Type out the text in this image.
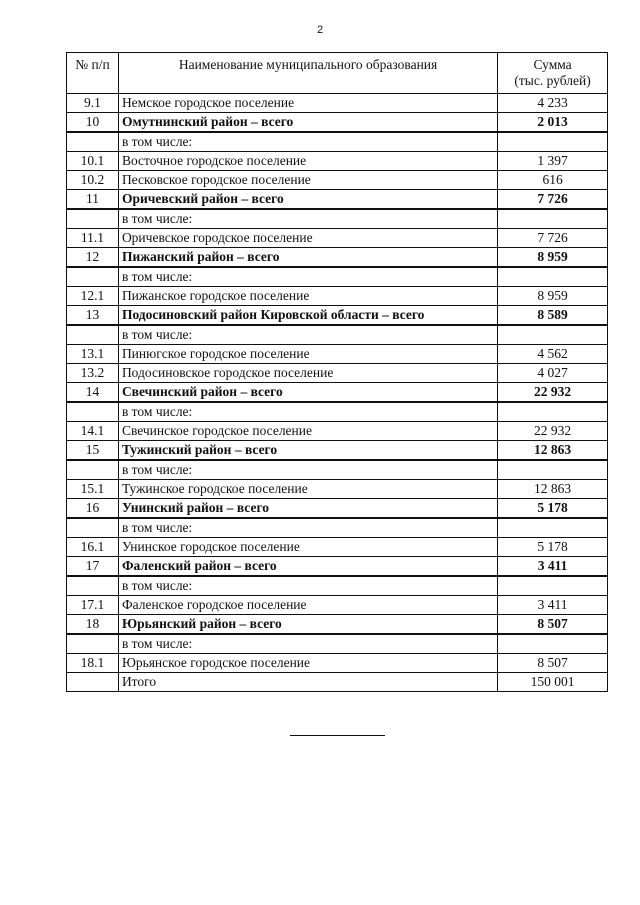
2
№ п/п	Наименование муниципального образования	Сумма
(тыс. рублей)
9.1	Немское городское поселение	4 233
10	Омутнинский район – всего	2 013
	в том числе:	
10.1	Восточное городское поселение	1 397
10.2	Песковское городское поселение	616
11	Оричевский район – всего	7 726
	в том числе:	
11.1	Оричевское городское поселение	7 726
12	Пижанский район – всего	8 959
	в том числе:	
12.1	Пижанское городское поселение	8 959
13	Подосиновский район Кировской области – всего	8 589
	в том числе:	
13.1	Пинюгское городское поселение	4 562
13.2	Подосиновское городское поселение	4 027
14	Свечинский район – всего	22 932
	в том числе:	
14.1	Свечинское городское поселение	22 932
15	Тужинский район – всего	12 863
	в том числе:	
15.1	Тужинское городское поселение	12 863
16	Унинский район – всего	5 178
	в том числе:	
16.1	Унинское городское поселение	5 178
17	Фаленский район – всего	3 411
	в том числе:	
17.1	Фаленское городское поселение	3 411
18	Юрьянский район – всего	8 507
	в том числе:	
18.1	Юрьянское городское поселение	8 507
	Итого	150 001
